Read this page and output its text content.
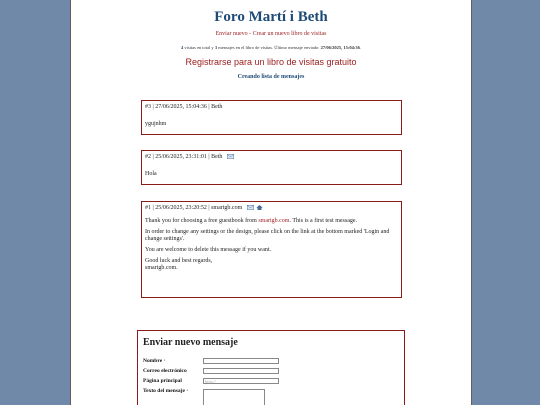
Foro Martí i Beth
Enviar nuevo - Crear un nuevo libro de visitas
4 visitas en total y 3 mensajes en el libro de visitas. Último mensaje enviado: 27/06/2025, 15:04:36.
Registrarse para un libro de visitas gratuito
Creando lista de mensajes
#3 | 27/06/2025, 15:04:36 | Beth

ygujnhm

#2 | 25/06/2025, 23:31:01 | Beth

Hola

#1 | 25/06/2025, 23:20:52 | smartgb.com

Thank you for choosing a free guestbook from smartgb.com. This is a first test message.

In order to change any settings or the design, please click on the link at the bottom marked 'Login and change settings'.

You are welcome to delete this message if you want.

Good luck and best regards,
smartgb.com.

Enviar nuevo mensaje
Nombre ·
Correo electrónico
Página principal	http://
Texto del mensaje ·
